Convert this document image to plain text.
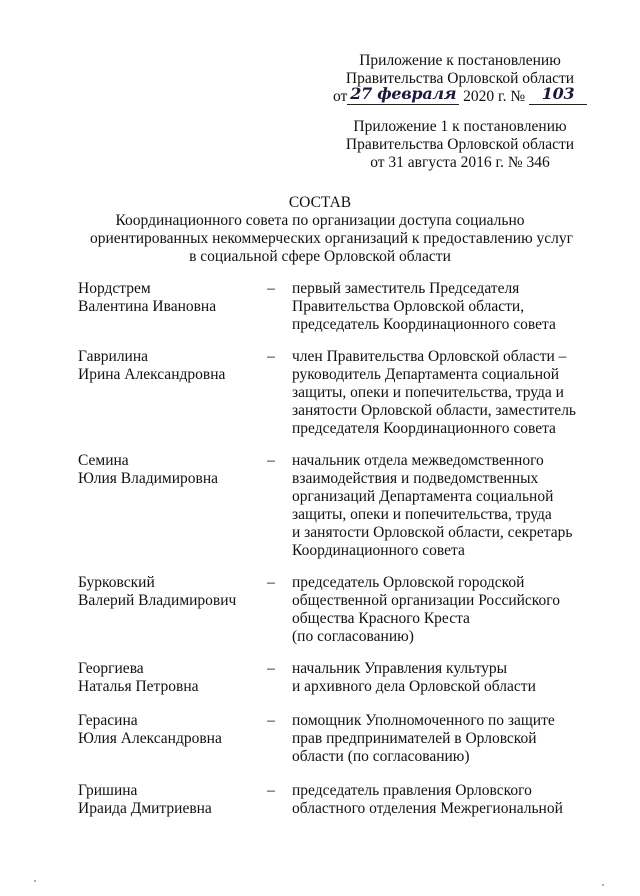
Приложение к постановлению
Правительства Орловской области
от 27 февраля 2020 г. № 103
Приложение 1 к постановлению
Правительства Орловской области
от 31 августа 2016 г. № 346
СОСТАВ
Координационного совета по организации доступа социально
ориентированных некоммерческих организаций к предоставлению услуг
в социальной сфере Орловской области
Нордстрем
Валентина Ивановна
– первый заместитель Председателя
Правительства Орловской области,
председатель Координационного совета
Гаврилина
Ирина Александровна
– член Правительства Орловской области –
руководитель Департамента социальной
защиты, опеки и попечительства, труда и
занятости Орловской области, заместитель
председателя Координационного совета
Семина
Юлия Владимировна
– начальник отдела межведомственного
взаимодействия и подведомственных
организаций Департамента социальной
защиты, опеки и попечительства, труда
и занятости Орловской области, секретарь
Координационного совета
Бурковский
Валерий Владимирович
– председатель Орловской городской
общественной организации Российского
общества Красного Креста
(по согласованию)
Георгиева
Наталья Петровна
– начальник Управления культуры
и архивного дела Орловской области
Герасина
Юлия Александровна
– помощник Уполномоченного по защите
прав предпринимателей в Орловской
области (по согласованию)
Гришина
Ираида Дмитриевна
– председатель правления Орловского
областного отделения Межрегиональной
